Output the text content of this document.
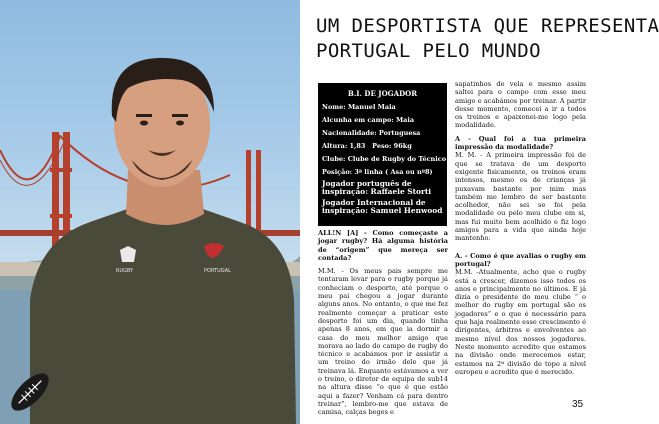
RUGBY	PORTUGAL
UM DESPORTISTA QUE REPRESENTA
PORTUGAL PELO MUNDO
B.I. DE JOGADOR
Nome: Manuel Maia
Alcunha em campo: Maia
Nacionalidade: Portuguesa
Altura: 1,83   Peso: 96kg
Clube: Clube de Rugby do Técnico
Posição: 3ª linha ( Asa ou nº8)
Jogador português de inspiração: Raffaele Storti
Jogador Internacional de inspiração: Samuel Henwood

ALL!N [A] - Como começaste a jogar rugby? Há alguma história de “origem” que mereça ser contada?

M.M. - Os meus pais sempre me tentaram levar para o rugby porque já conheciam o desporto, até porque o meu pai chegou a jogar durante alguns anos. No entanto, o que me fez realmente começar a praticar este desporto foi um dia, quando tinha apenas 8 anos, em que ia dormir a casa do meu melhor amigo que morava ao lado do campo de rugby do técnico e acabámos por ir assistir a um treino do irmão dele que já treinava lá. Enquanto estávamos a ver o treino, o diretor de equipa de sub14 na altura disse “o que é que estão aqui a fazer? Venham cá para dentro treinar”, lembro-me que estava de camisa, calças beges e

sapatinhos de vela e mesmo assim saltei para o campo com esse meu amigo e acabámos por treinar. A partir desse momento, comecei a ir a todos os treinos e apaixonei-me logo pela modalidade.

A - Qual foi a tua primeira impressão da modalidade?

M. M. - A primeira impressão foi de que se tratava de um desporto exigente fisicamente, os treinos eram intensos, mesmo os de crianças já puxavam bastante por mim mas também me lembro de ser bastante acolhedor, não sei se foi pela modalidade ou pelo meu clube em si, mas fui muito bem acolhido e fiz logo amigos para a vida que ainda hoje mantenho.

A. - Como é que avalias o rugby em portugal?

M.M. -Atualmente, acho que o rugby está a crescer, dizemos isso todos os anos e principalmente no últimos. E já dizia o presidente do meu clube “ o melhor do rugby em portugal são os jogadores” e o que é necessário para que haja realmente esse crescimento é dirigentes, árbitros e envolventes ao mesmo nível dos nossos jogadores. Neste momento acredito que estamos na divisão onde merecemos estar, estamos na 2ª divisão de topo a nível europeu e acredito que é merecido.

35
